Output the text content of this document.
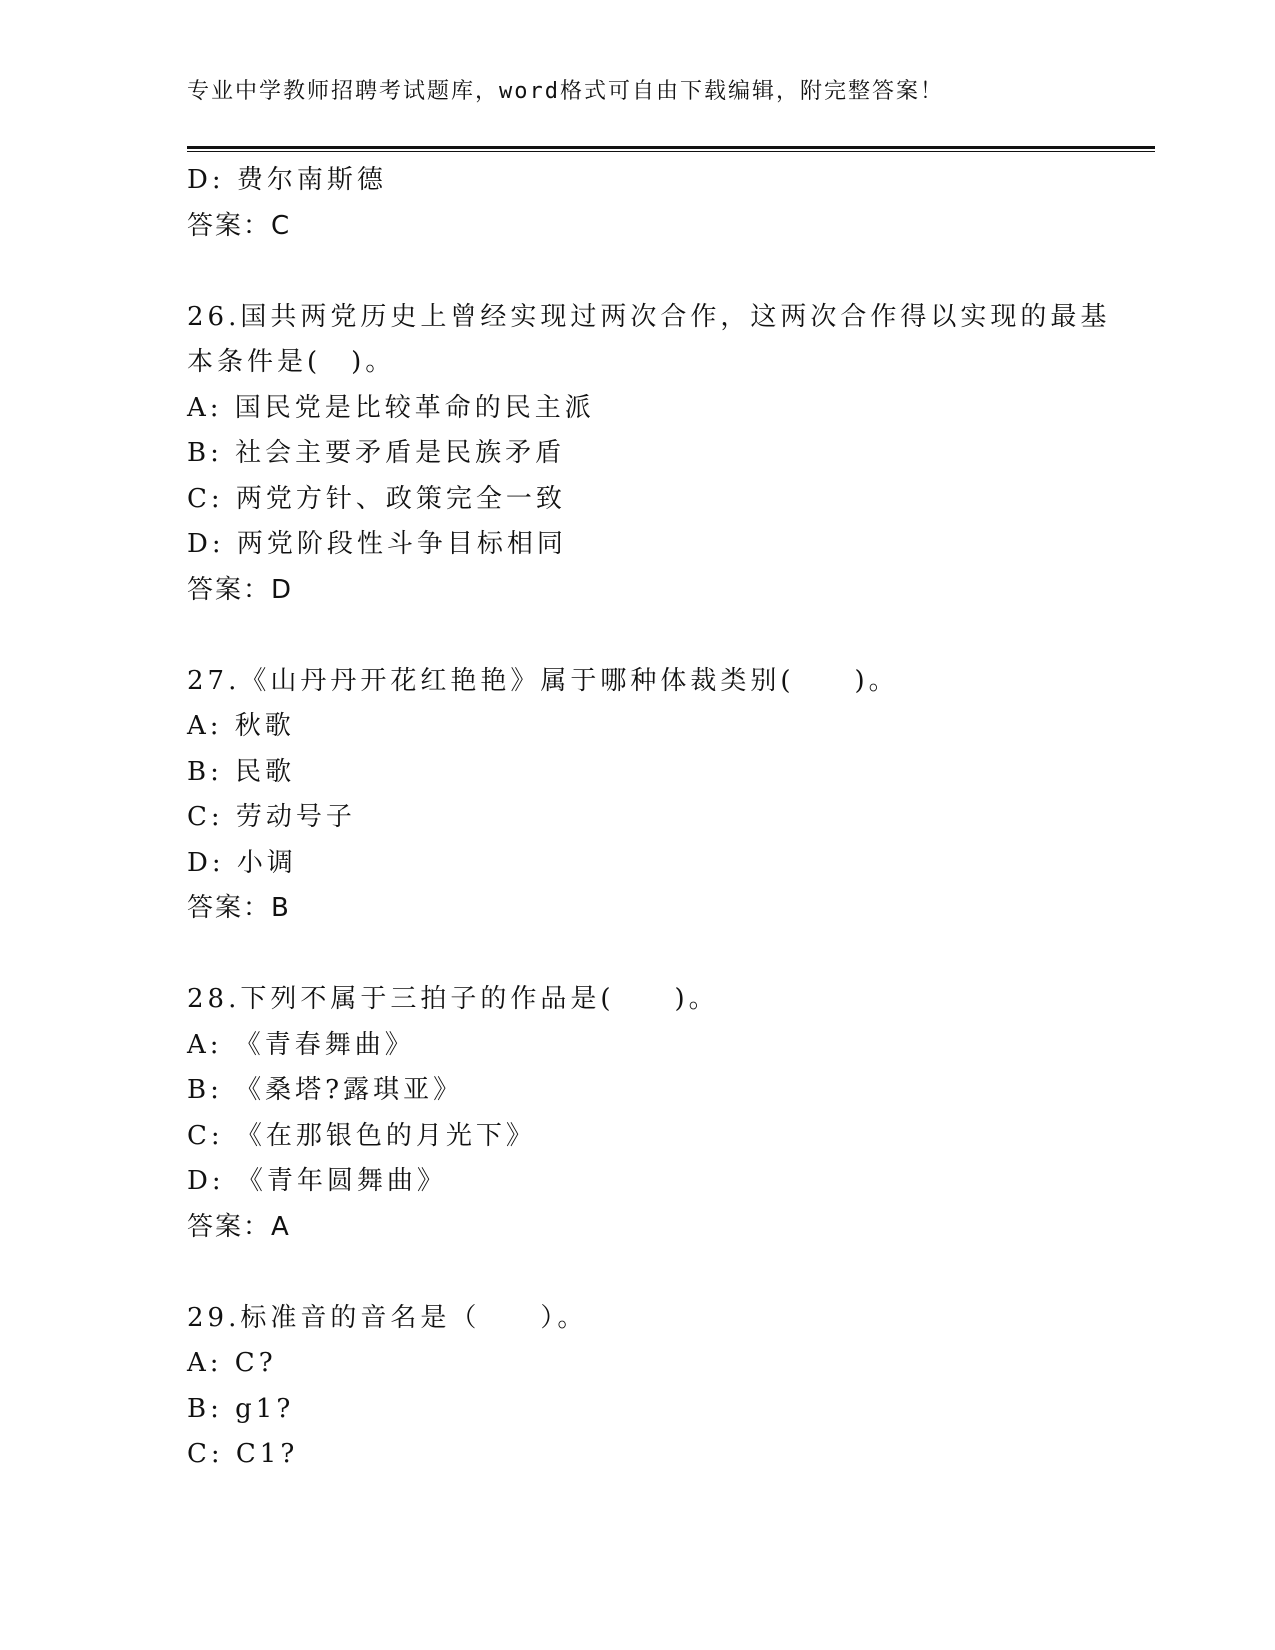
专业中学教师招聘考试题库，word格式可自由下载编辑，附完整答案！
D: 费尔南斯德
答案：C
26.国共两党历史上曾经实现过两次合作，这两次合作得以实现的最基
本条件是(　)。
A: 国民党是比较革命的民主派
B: 社会主要矛盾是民族矛盾
C: 两党方针、政策完全一致
D: 两党阶段性斗争目标相同
答案：D
27.《山丹丹开花红艳艳》属于哪种体裁类别(　　)。
A: 秋歌
B: 民歌
C: 劳动号子
D: 小调
答案：B
28.下列不属于三拍子的作品是(　　)。
A: 《青春舞曲》
B: 《桑塔?露琪亚》
C: 《在那银色的月光下》
D: 《青年圆舞曲》
答案：A
29.标准音的音名是（　　）。
A: C?
B: g1?
C: C1?
